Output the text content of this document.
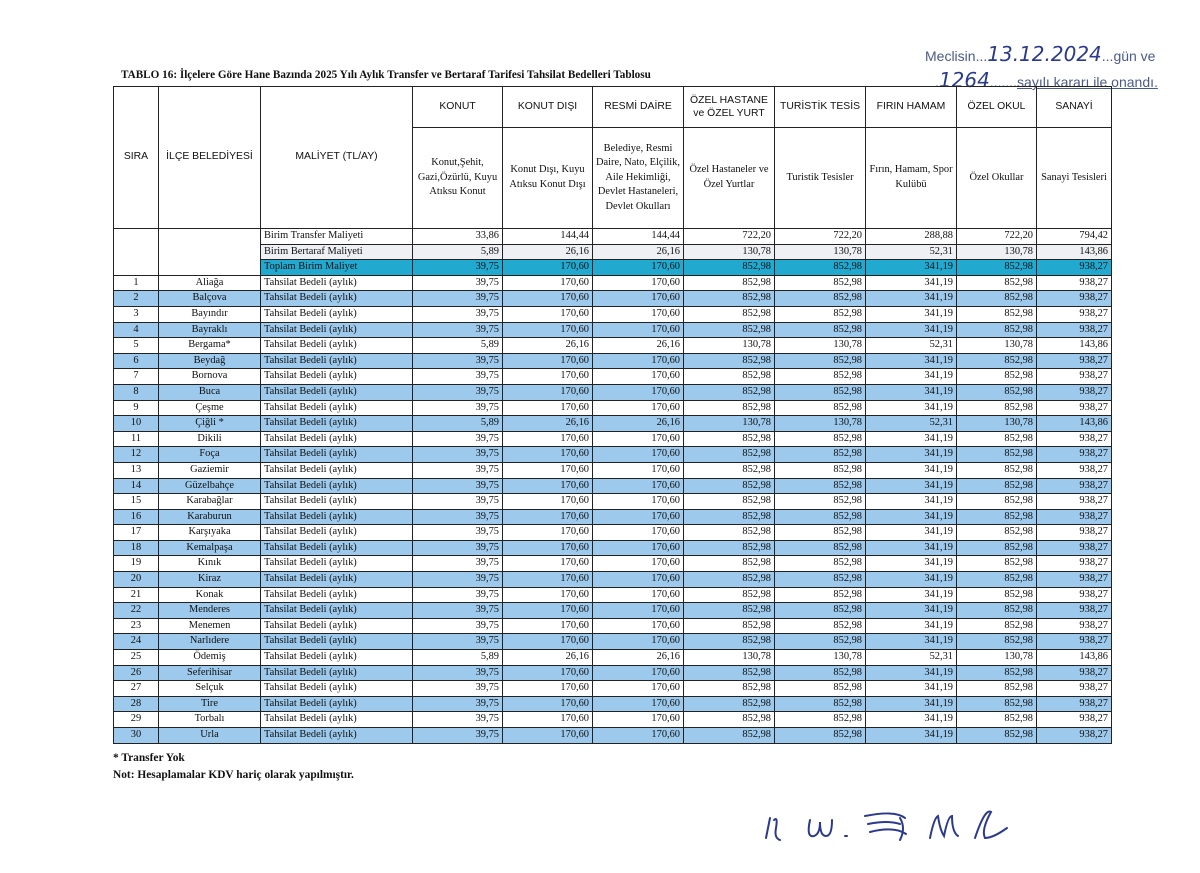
Meclisin...13.12.2024...gün ve
.1264.......sayılı kararı ile onandı.
TABLO 16: İlçelere Göre Hane Bazında 2025 Yılı Aylık Transfer ve Bertaraf Tarifesi Tahsilat Bedelleri Tablosu
SIRA	İLÇE BELEDİYESİ	MALİYET (TL/AY)	KONUT	KONUT DIŞI	RESMİ DAİRE	ÖZEL HASTANE ve ÖZEL YURT	TURİSTİK TESİS	FIRIN HAMAM	ÖZEL OKUL	SANAYİ
			Konut,Şehit, Gazi,Özürlü, Kuyu Atıksu Konut	Konut Dışı, Kuyu Atıksu Konut Dışı	Belediye, Resmi Daire, Nato, Elçilik, Aile Hekimliği, Devlet Hastaneleri, Devlet Okulları	Özel Hastaneler ve Özel Yurtlar	Turistik Tesisler	Fırın, Hamam, Spor Kulübü	Özel Okullar	Sanayi Tesisleri
		Birim Transfer Maliyeti	33,86	144,44	144,44	722,20	722,20	288,88	722,20	794,42
		Birim Bertaraf Maliyeti	5,89	26,16	26,16	130,78	130,78	52,31	130,78	143,86
		Toplam Birim Maliyet	39,75	170,60	170,60	852,98	852,98	341,19	852,98	938,27
1	Aliağa	Tahsilat Bedeli (aylık)	39,75	170,60	170,60	852,98	852,98	341,19	852,98	938,27
2	Balçova	Tahsilat Bedeli (aylık)	39,75	170,60	170,60	852,98	852,98	341,19	852,98	938,27
3	Bayındır	Tahsilat Bedeli (aylık)	39,75	170,60	170,60	852,98	852,98	341,19	852,98	938,27
4	Bayraklı	Tahsilat Bedeli (aylık)	39,75	170,60	170,60	852,98	852,98	341,19	852,98	938,27
5	Bergama*	Tahsilat Bedeli (aylık)	5,89	26,16	26,16	130,78	130,78	52,31	130,78	143,86
6	Beydağ	Tahsilat Bedeli (aylık)	39,75	170,60	170,60	852,98	852,98	341,19	852,98	938,27
7	Bornova	Tahsilat Bedeli (aylık)	39,75	170,60	170,60	852,98	852,98	341,19	852,98	938,27
8	Buca	Tahsilat Bedeli (aylık)	39,75	170,60	170,60	852,98	852,98	341,19	852,98	938,27
9	Çeşme	Tahsilat Bedeli (aylık)	39,75	170,60	170,60	852,98	852,98	341,19	852,98	938,27
10	Çiğli *	Tahsilat Bedeli (aylık)	5,89	26,16	26,16	130,78	130,78	52,31	130,78	143,86
11	Dikili	Tahsilat Bedeli (aylık)	39,75	170,60	170,60	852,98	852,98	341,19	852,98	938,27
12	Foça	Tahsilat Bedeli (aylık)	39,75	170,60	170,60	852,98	852,98	341,19	852,98	938,27
13	Gaziemir	Tahsilat Bedeli (aylık)	39,75	170,60	170,60	852,98	852,98	341,19	852,98	938,27
14	Güzelbahçe	Tahsilat Bedeli (aylık)	39,75	170,60	170,60	852,98	852,98	341,19	852,98	938,27
15	Karabağlar	Tahsilat Bedeli (aylık)	39,75	170,60	170,60	852,98	852,98	341,19	852,98	938,27
16	Karaburun	Tahsilat Bedeli (aylık)	39,75	170,60	170,60	852,98	852,98	341,19	852,98	938,27
17	Karşıyaka	Tahsilat Bedeli (aylık)	39,75	170,60	170,60	852,98	852,98	341,19	852,98	938,27
18	Kemalpaşa	Tahsilat Bedeli (aylık)	39,75	170,60	170,60	852,98	852,98	341,19	852,98	938,27
19	Kınık	Tahsilat Bedeli (aylık)	39,75	170,60	170,60	852,98	852,98	341,19	852,98	938,27
20	Kiraz	Tahsilat Bedeli (aylık)	39,75	170,60	170,60	852,98	852,98	341,19	852,98	938,27
21	Konak	Tahsilat Bedeli (aylık)	39,75	170,60	170,60	852,98	852,98	341,19	852,98	938,27
22	Menderes	Tahsilat Bedeli (aylık)	39,75	170,60	170,60	852,98	852,98	341,19	852,98	938,27
23	Menemen	Tahsilat Bedeli (aylık)	39,75	170,60	170,60	852,98	852,98	341,19	852,98	938,27
24	Narlıdere	Tahsilat Bedeli (aylık)	39,75	170,60	170,60	852,98	852,98	341,19	852,98	938,27
25	Ödemiş	Tahsilat Bedeli (aylık)	5,89	26,16	26,16	130,78	130,78	52,31	130,78	143,86
26	Seferihisar	Tahsilat Bedeli (aylık)	39,75	170,60	170,60	852,98	852,98	341,19	852,98	938,27
27	Selçuk	Tahsilat Bedeli (aylık)	39,75	170,60	170,60	852,98	852,98	341,19	852,98	938,27
28	Tire	Tahsilat Bedeli (aylık)	39,75	170,60	170,60	852,98	852,98	341,19	852,98	938,27
29	Torbalı	Tahsilat Bedeli (aylık)	39,75	170,60	170,60	852,98	852,98	341,19	852,98	938,27
30	Urla	Tahsilat Bedeli (aylık)	39,75	170,60	170,60	852,98	852,98	341,19	852,98	938,27
* Transfer Yok
Not: Hesaplamalar KDV hariç olarak yapılmıştır.
